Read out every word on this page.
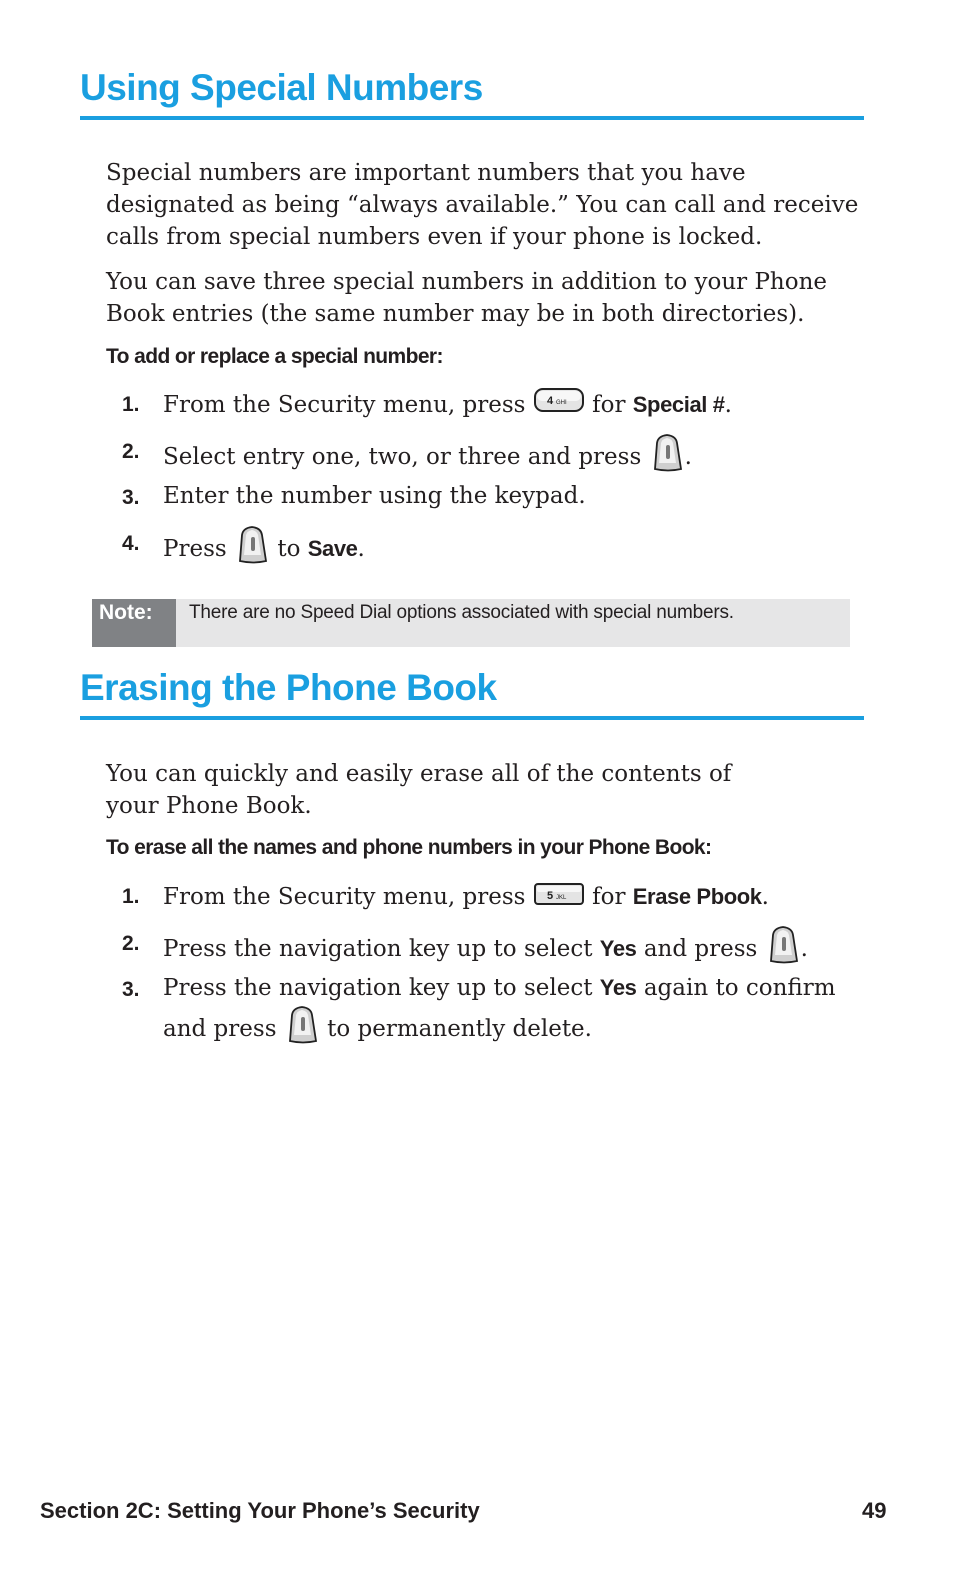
Using Special Numbers

Special numbers are important numbers that you have designated as being “always available.” You can call and receive calls from special numbers even if your phone is locked.

You can save three special numbers in addition to your Phone Book entries (the same number may be in both directories).

To add or replace a special number:
1. From the Security menu, press 4 GHI for Special #.
2. Select entry one, two, or three and press .
3. Enter the number using the keypad.
4. Press to Save.
Note:	There are no Speed Dial options associated with special numbers.
Erasing the Phone Book

You can quickly and easily erase all of the contents of your Phone Book.

To erase all the names and phone numbers in your Phone Book:
1. From the Security menu, press 5 JKL for Erase Pbook.
2. Press the navigation key up to select Yes and press .
3. Press the navigation key up to select Yes again to confirm and press to permanently delete.
Section 2C: Setting Your Phone’s Security	49
